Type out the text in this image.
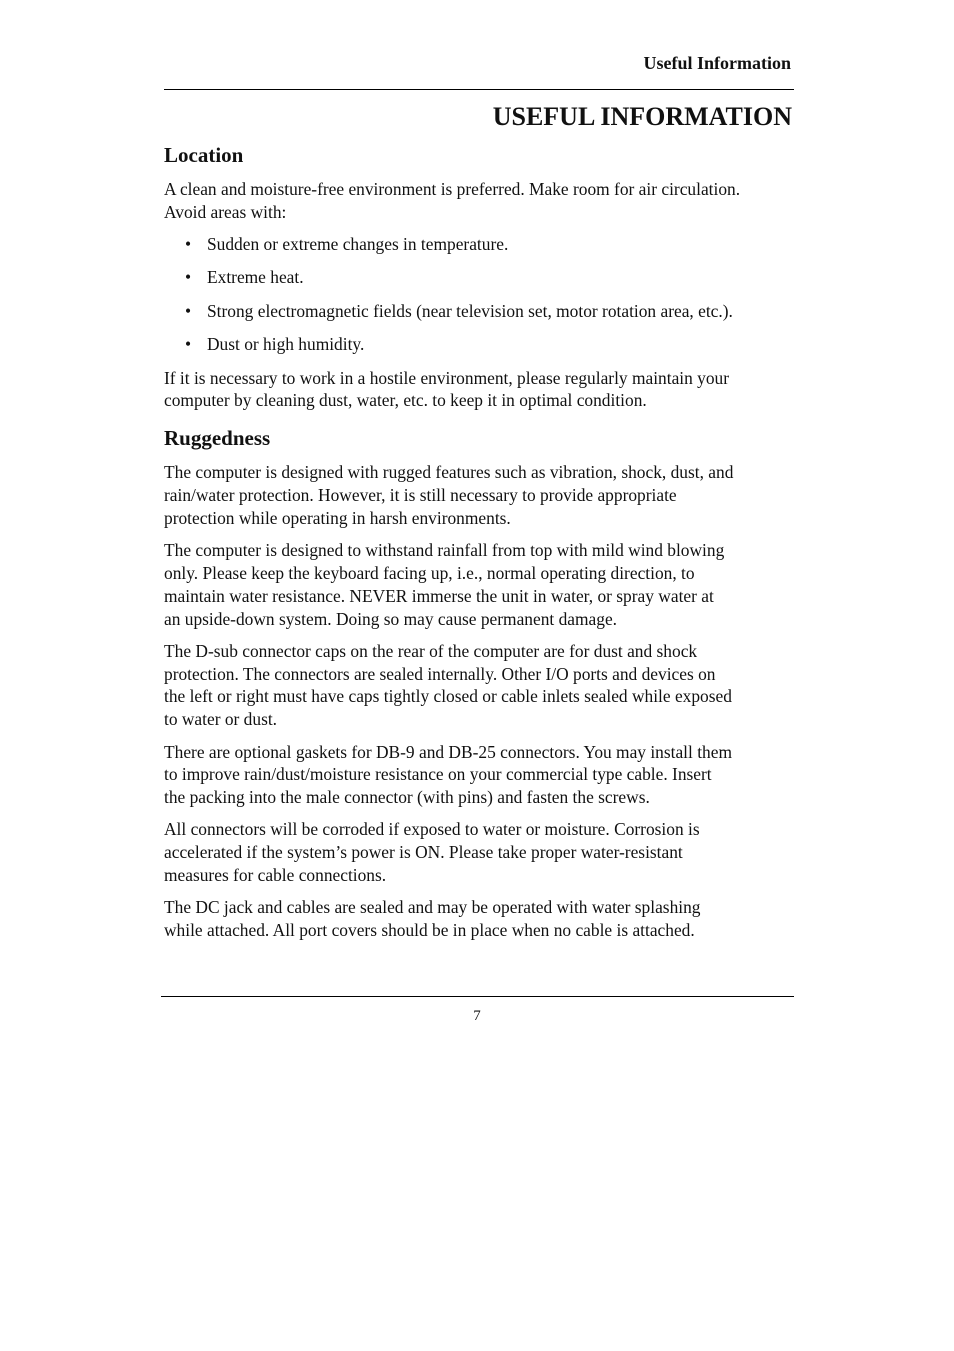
Useful Information
USEFUL INFORMATION
Location

A clean and moisture-free environment is preferred. Make room for air circulation.
Avoid areas with:

• Sudden or extreme changes in temperature.
• Extreme heat.
• Strong electromagnetic fields (near television set, motor rotation area, etc.).
• Dust or high humidity.

If it is necessary to work in a hostile environment, please regularly maintain your
computer by cleaning dust, water, etc. to keep it in optimal condition.

Ruggedness

The computer is designed with rugged features such as vibration, shock, dust, and
rain/water protection. However, it is still necessary to provide appropriate
protection while operating in harsh environments.

The computer is designed to withstand rainfall from top with mild wind blowing
only. Please keep the keyboard facing up, i.e., normal operating direction, to
maintain water resistance. NEVER immerse the unit in water, or spray water at
an upside-down system. Doing so may cause permanent damage.

The D-sub connector caps on the rear of the computer are for dust and shock
protection. The connectors are sealed internally. Other I/O ports and devices on
the left or right must have caps tightly closed or cable inlets sealed while exposed
to water or dust.

There are optional gaskets for DB-9 and DB-25 connectors. You may install them
to improve rain/dust/moisture resistance on your commercial type cable. Insert
the packing into the male connector (with pins) and fasten the screws.

All connectors will be corroded if exposed to water or moisture. Corrosion is
accelerated if the system’s power is ON. Please take proper water-resistant
measures for cable connections.

The DC jack and cables are sealed and may be operated with water splashing
while attached. All port covers should be in place when no cable is attached.

7
